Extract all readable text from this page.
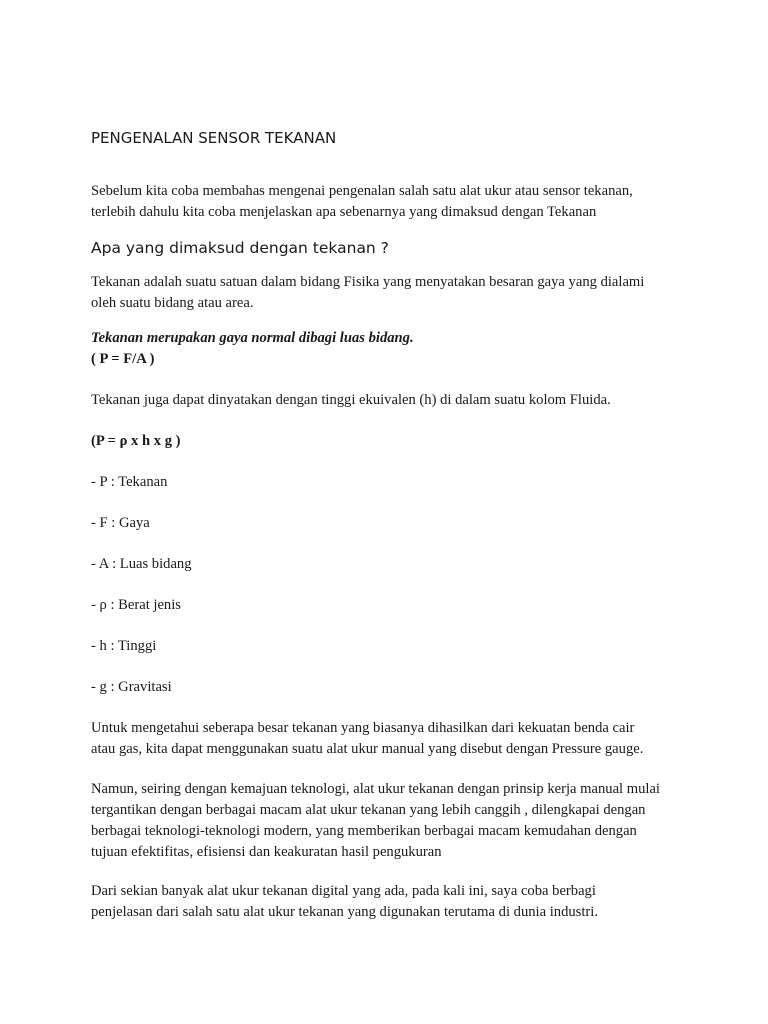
PENGENALAN SENSOR TEKANAN

Sebelum kita coba membahas mengenai pengenalan salah satu alat ukur atau sensor tekanan,
terlebih dahulu kita coba menjelaskan apa sebenarnya yang dimaksud dengan Tekanan

Apa yang dimaksud dengan tekanan ?

Tekanan adalah suatu satuan dalam bidang Fisika yang menyatakan besaran gaya yang dialami
oleh suatu bidang atau area.

Tekanan merupakan gaya normal dibagi luas bidang.
( P = F/A )

Tekanan juga dapat dinyatakan dengan tinggi ekuivalen (h) di dalam suatu kolom Fluida.

(P = ρ x h x g )

- P : Tekanan

- F : Gaya

- A : Luas bidang

- ρ : Berat jenis

- h : Tinggi

- g : Gravitasi

Untuk mengetahui seberapa besar tekanan yang biasanya dihasilkan dari kekuatan benda cair
atau gas, kita dapat menggunakan suatu alat ukur manual yang disebut dengan Pressure gauge.

Namun, seiring dengan kemajuan teknologi, alat ukur tekanan dengan prinsip kerja manual mulai
tergantikan dengan berbagai macam alat ukur tekanan yang lebih canggih , dilengkapai dengan
berbagai teknologi-teknologi modern, yang memberikan berbagai macam kemudahan dengan
tujuan efektifitas, efisiensi dan keakuratan hasil pengukuran

Dari sekian banyak alat ukur tekanan digital yang ada, pada kali ini, saya coba berbagi
penjelasan dari salah satu alat ukur tekanan yang digunakan terutama di dunia industri.
